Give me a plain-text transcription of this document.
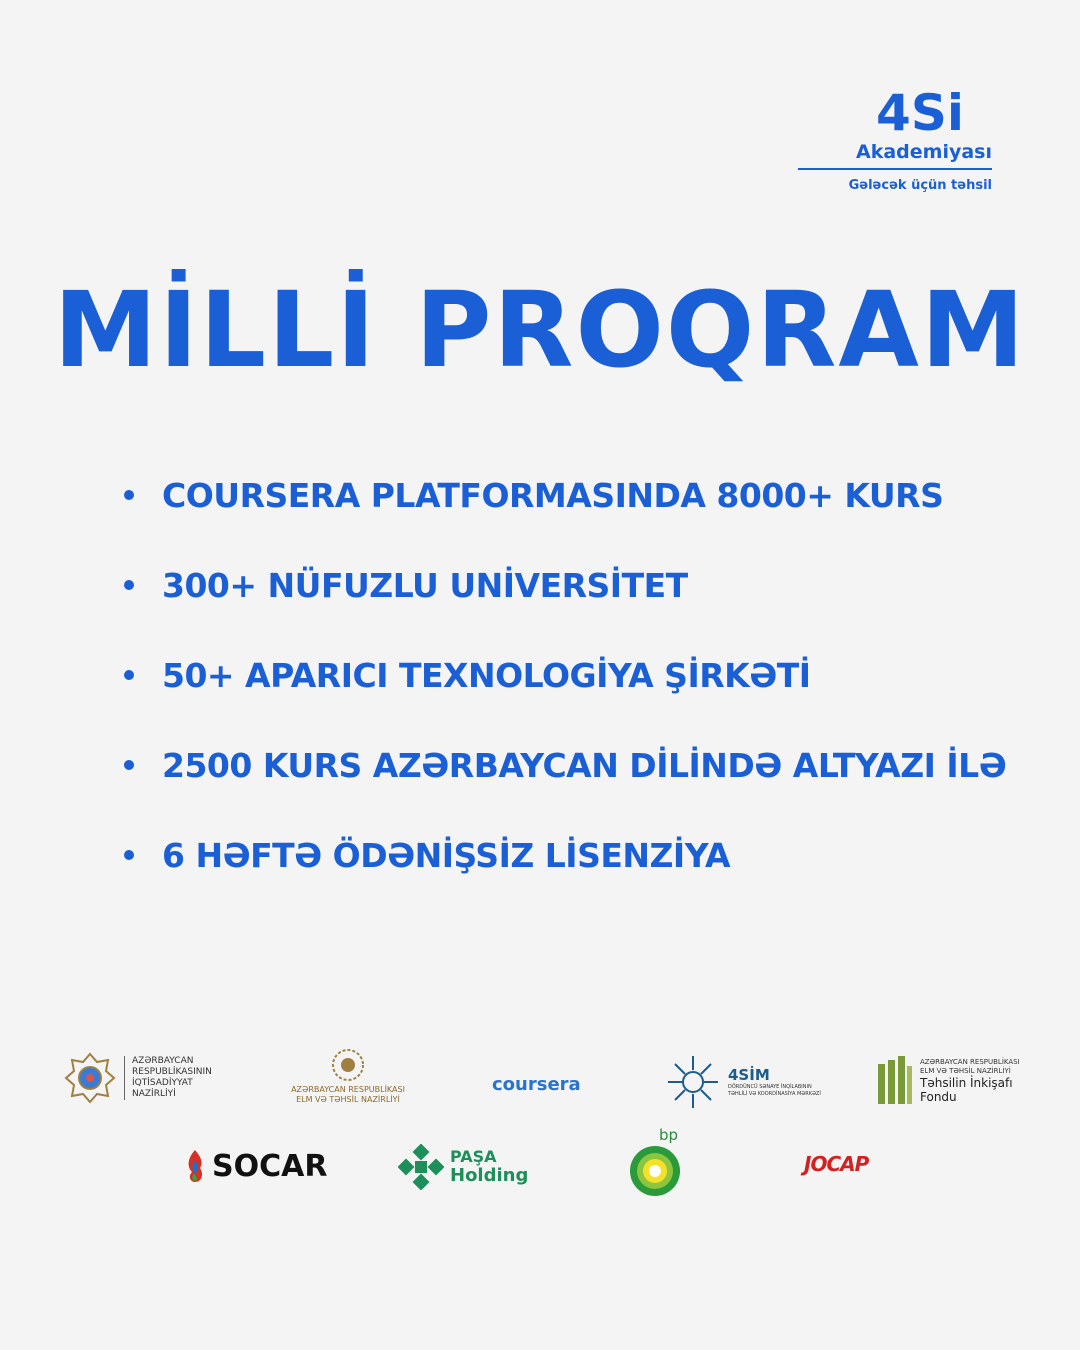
4Si
Akademiyası
Gələcək üçün təhsil
MİLLİ PROQRAM
COURSERA PLATFORMASINDA 8000+ KURS
300+ NÜFUZLU UNİVERSİTET
50+ APARICI TEXNOLOGİYA ŞİRKƏTİ
2500 KURS AZƏRBAYCAN DİLİNDƏ ALTYAZI İLƏ
6 HƏFTƏ ÖDƏNİŞSİZ LİSENZİYA
AZƏRBAYCAN
RESPUBLİKASININ
İQTİSADİYYAT
NAZİRLİYİ	AZƏRBAYCAN RESPUBLİKASI
ELM VƏ TƏHSİL NAZİRLİYİ
coursera	4SİM
DÖRDÜNCÜ SƏNAYE İNQİLABININ
TƏHLİLİ VƏ KOORDİNASİYA MƏRKƏZİ
AZƏRBAYCAN RESPUBLİKASI
ELM VƏ TƏHSİL NAZİRLİYİ
Təhsilin İnkişafı
Fondu
SOCAR	PAŞA
Holding
bp
JOCAP
